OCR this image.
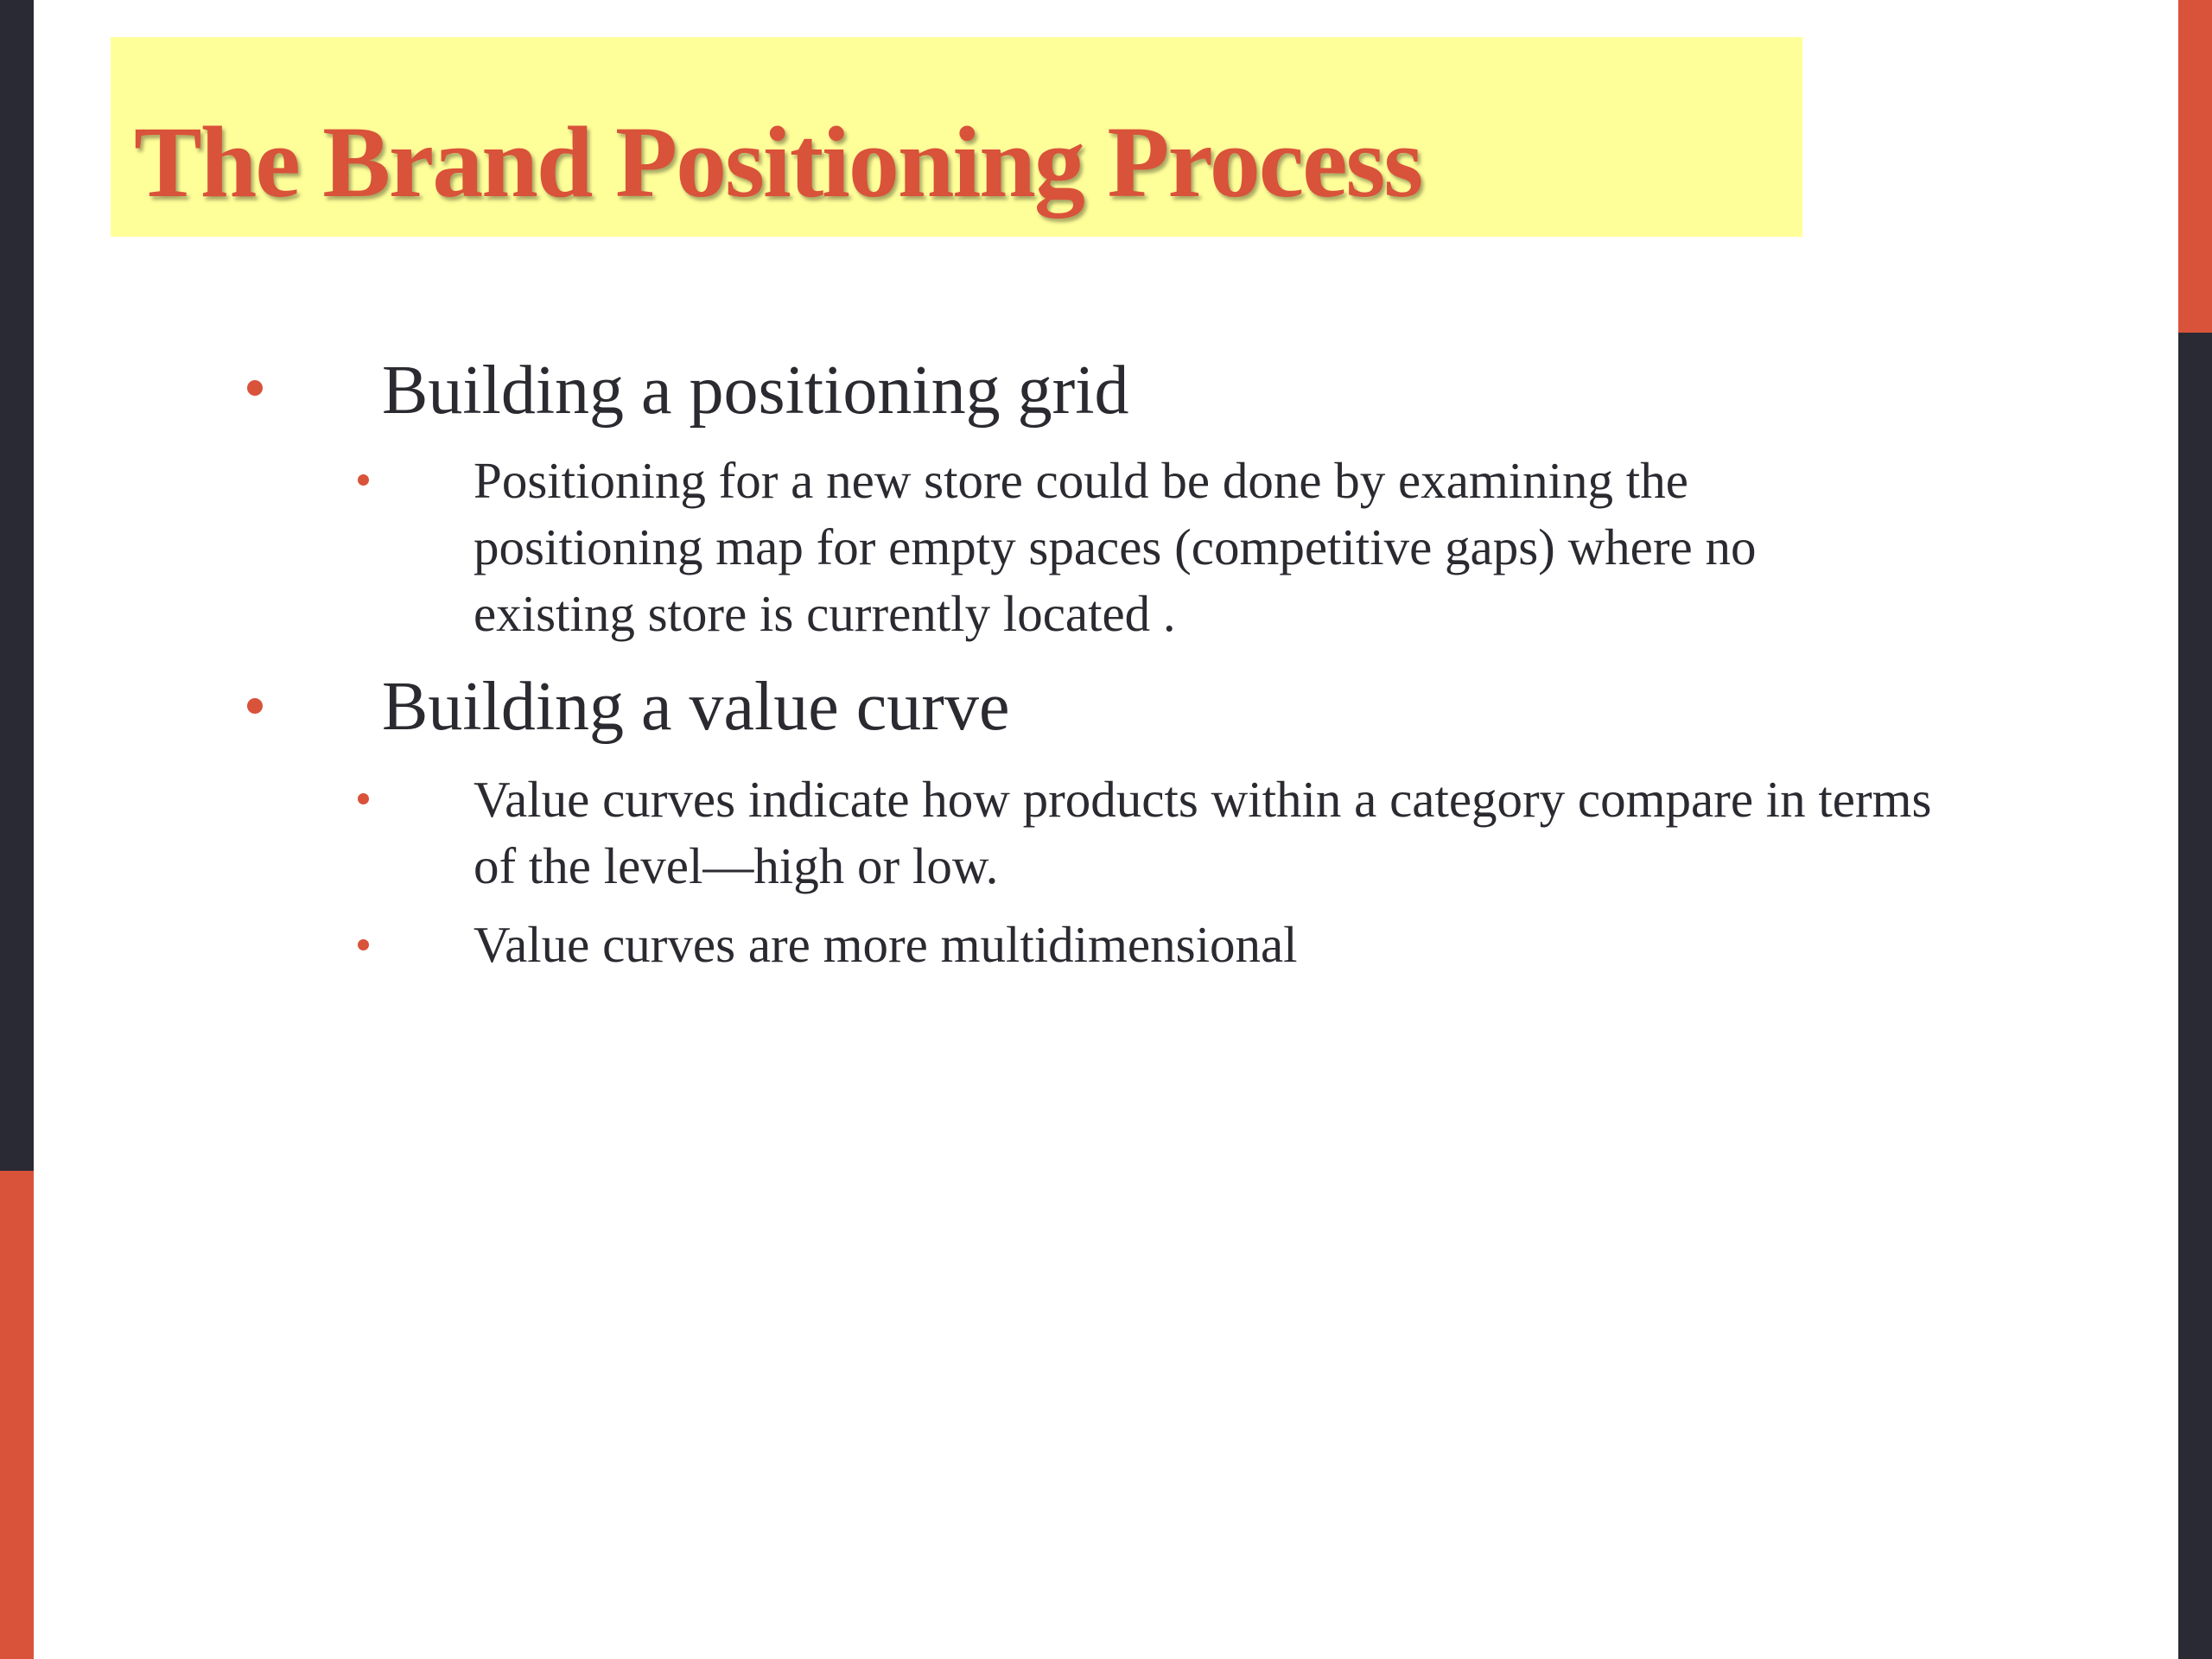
The Brand Positioning Process
Building a positioning grid
Positioning for a new store could be done by examining the positioning map for empty spaces (competitive gaps) where no existing store is currently located .
Building a value curve
Value curves indicate how products within a category compare in terms of the level—high or low.
Value curves are more multidimensional
